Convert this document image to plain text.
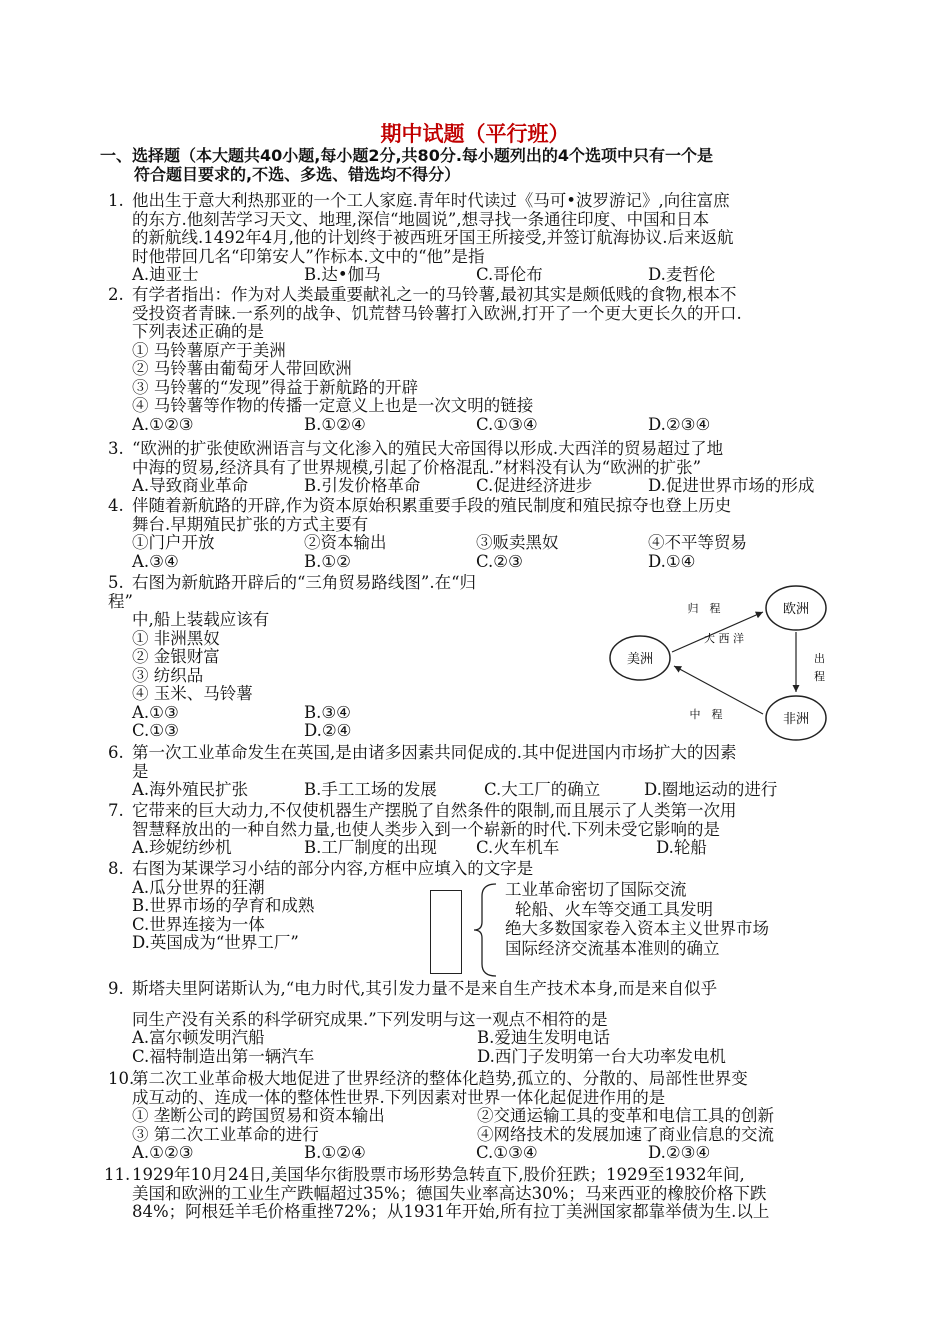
期中试题（平行班）
一、选择题（本大题共40小题,每小题2分,共80分.每小题列出的4个选项中只有一个是
符合题目要求的,不选、多选、错选均不得分）
1. 他出生于意大利热那亚的一个工人家庭.青年时代读过《马可•波罗游记》,向往富庶
的东方.他刻苦学习天文、地理,深信“地圆说”,想寻找一条通往印度、中国和日本
的新航线.1492年4月,他的计划终于被西班牙国王所接受,并签订航海协议.后来返航
时他带回几名“印第安人”作标本.文中的“他”是指
A.迪亚士	B.达•伽马	C.哥伦布	D.麦哲伦
2. 有学者指出：作为对人类最重要献礼之一的马铃薯,最初其实是颇低贱的食物,根本不
受投资者青睐.一系列的战争、饥荒替马铃薯打入欧洲,打开了一个更大更长久的开口.
下列表述正确的是
① 马铃薯原产于美洲
② 马铃薯由葡萄牙人带回欧洲
③ 马铃薯的“发现”得益于新航路的开辟
④ 马铃薯等作物的传播一定意义上也是一次文明的链接
A.①②③	B.①②④	C.①③④	D.②③④
3. “欧洲的扩张使欧洲语言与文化渗入的殖民大帝国得以形成.大西洋的贸易超过了地
中海的贸易,经济具有了世界规模,引起了价格混乱.”材料没有认为“欧洲的扩张”
A.导致商业革命	B.引发价格革命	C.促进经济进步	D.促进世界市场的形成
4. 伴随着新航路的开辟,作为资本原始积累重要手段的殖民制度和殖民掠夺也登上历史
舞台.早期殖民扩张的方式主要有
①门户开放	②资本输出	③贩卖黑奴	④不平等贸易
A.③④	B.①②	C.②③	D.①④
5. 右图为新航路开辟后的“三角贸易路线图”.在“归
程”
中,船上装载应该有
① 非洲黑奴
② 金银财富
③ 纺织品
④ 玉米、马铃薯
A.①③	B.③④
C.①③	D.②④
欧洲
美洲
非洲
归　程
大 西 洋
出
程
中　程
6. 第一次工业革命发生在英国,是由诸多因素共同促成的.其中促进国内市场扩大的因素
是
A.海外殖民扩张	B.手工工场的发展	C.大工厂的确立	D.圈地运动的进行
7. 它带来的巨大动力,不仅使机器生产摆脱了自然条件的限制,而且展示了人类第一次用
智慧释放出的一种自然力量,也使人类步入到一个崭新的时代.下列未受它影响的是
A.珍妮纺纱机	B.工厂制度的出现	C.火车机车	D.轮船
8. 右图为某课学习小结的部分内容,方框中应填入的文字是
A.瓜分世界的狂潮
B.世界市场的孕育和成熟
C.世界连接为一体
D.英国成为“世界工厂”
工业革命密切了国际交流
轮船、火车等交通工具发明
绝大多数国家卷入资本主义世界市场
国际经济交流基本准则的确立
9. 斯塔夫里阿诺斯认为,“电力时代,其引发力量不是来自生产技术本身,而是来自似乎
同生产没有关系的科学研究成果.”下列发明与这一观点不相符的是
A.富尔顿发明汽船	B.爱迪生发明电话
C.福特制造出第一辆汽车	D.西门子发明第一台大功率发电机
10.
第二次工业革命极大地促进了世界经济的整体化趋势,孤立的、分散的、局部性世界变
成互动的、连成一体的整体性世界.下列因素对世界一体化起促进作用的是
① 垄断公司的跨国贸易和资本输出	②交通运输工具的变革和电信工具的创新
③ 第二次工业革命的进行	④网络技术的发展加速了商业信息的交流
A.①②③	B.①②④	C.①③④	D.②③④
11. 1929年10月24日,美国华尔街股票市场形势急转直下,股价狂跌；1929至1932年间,
美国和欧洲的工业生产跌幅超过35%；德国失业率高达30%；马来西亚的橡胶价格下跌
84%；阿根廷羊毛价格重挫72%；从1931年开始,所有拉丁美洲国家都靠举债为生.以上
